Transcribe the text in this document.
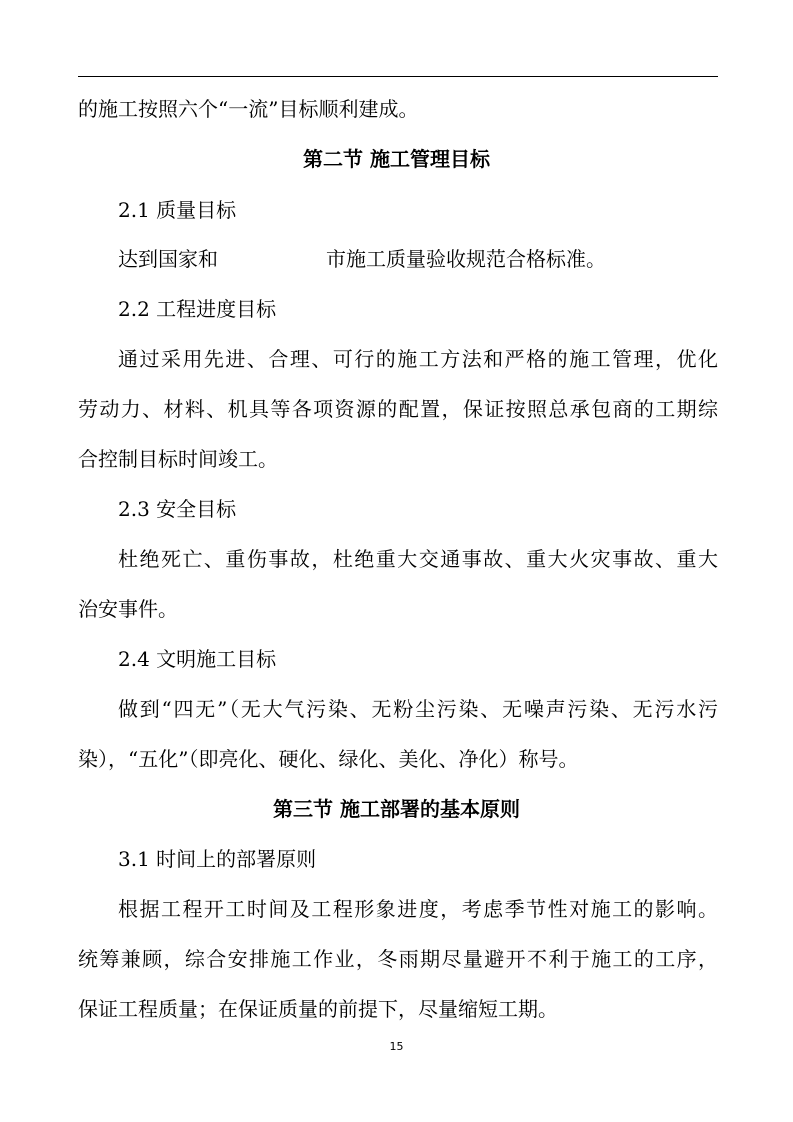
的施工按照六个“一流”目标顺利建成。
第二节 施工管理目标
2.1 质量目标
达到国家和	市施工质量验收规范合格标准。
2.2 工程进度目标
通过采用先进、合理、可行的施工方法和严格的施工管理，优化
劳动力、材料、机具等各项资源的配置，保证按照总承包商的工期综
合控制目标时间竣工。
2.3 安全目标
杜绝死亡、重伤事故，杜绝重大交通事故、重大火灾事故、重大
治安事件。
2.4 文明施工目标
做到“四无”（无大气污染、无粉尘污染、无噪声污染、无污水污
染），“五化”（即亮化、硬化、绿化、美化、净化）称号。
第三节 施工部署的基本原则
3.1 时间上的部署原则
根据工程开工时间及工程形象进度，考虑季节性对施工的影响。
统筹兼顾，综合安排施工作业，冬雨期尽量避开不利于施工的工序，
保证工程质量；在保证质量的前提下，尽量缩短工期。
15
